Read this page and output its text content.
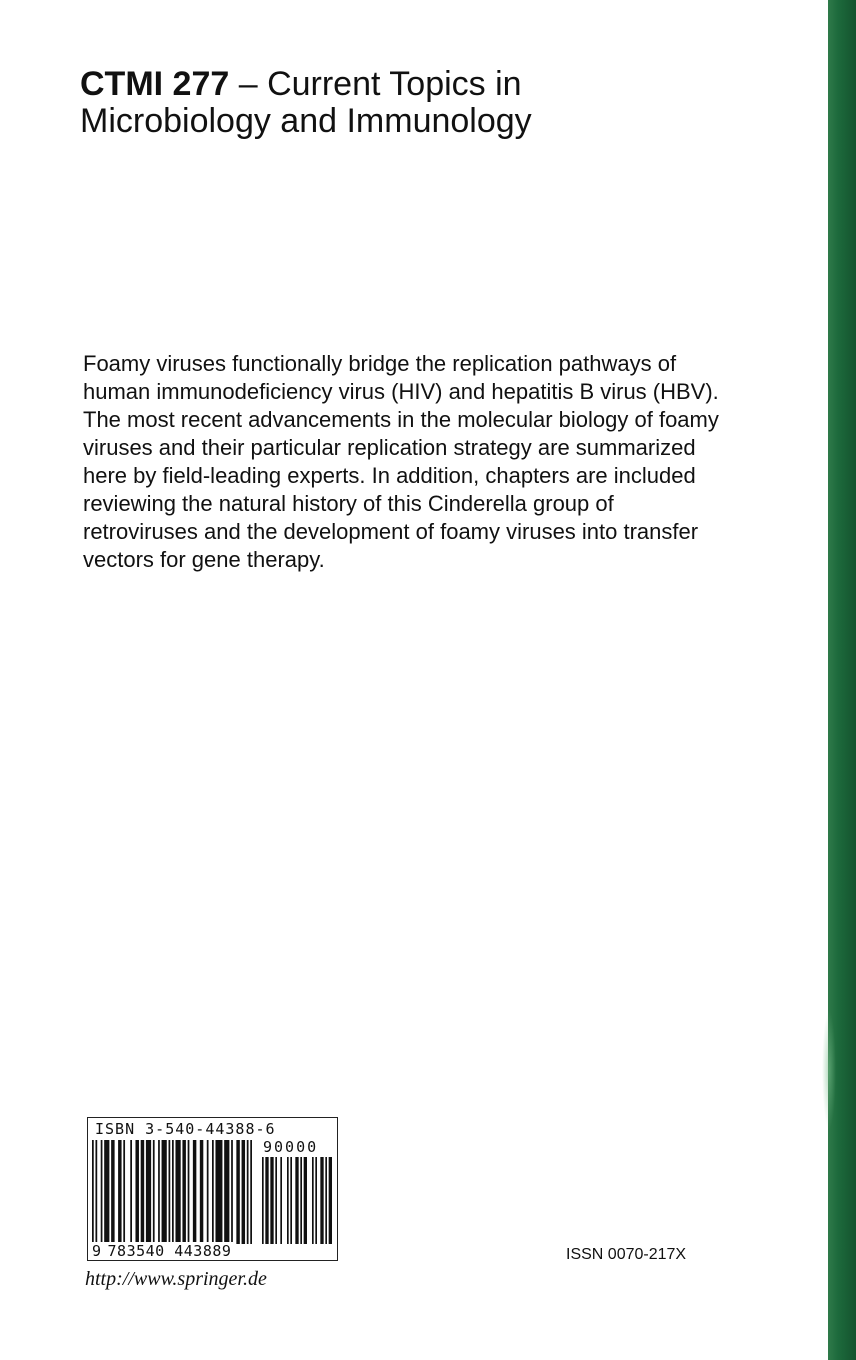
CTMI 277 – Current Topics in
Microbiology and Immunology

Foamy viruses functionally bridge the replication pathways of human immunodeficiency virus (HIV) and hepatitis B virus (HBV). The most recent advancements in the molecular biology of foamy viruses and their particular replication strategy are summarized here by field-leading experts. In addition, chapters are included reviewing the natural history of this Cinderella group of retroviruses and the development of foamy viruses into transfer vectors for gene therapy.

ISBN 3-540-44388-6
90000
9 783540 443889	ISSN 0070-217X
http://www.springer.de
